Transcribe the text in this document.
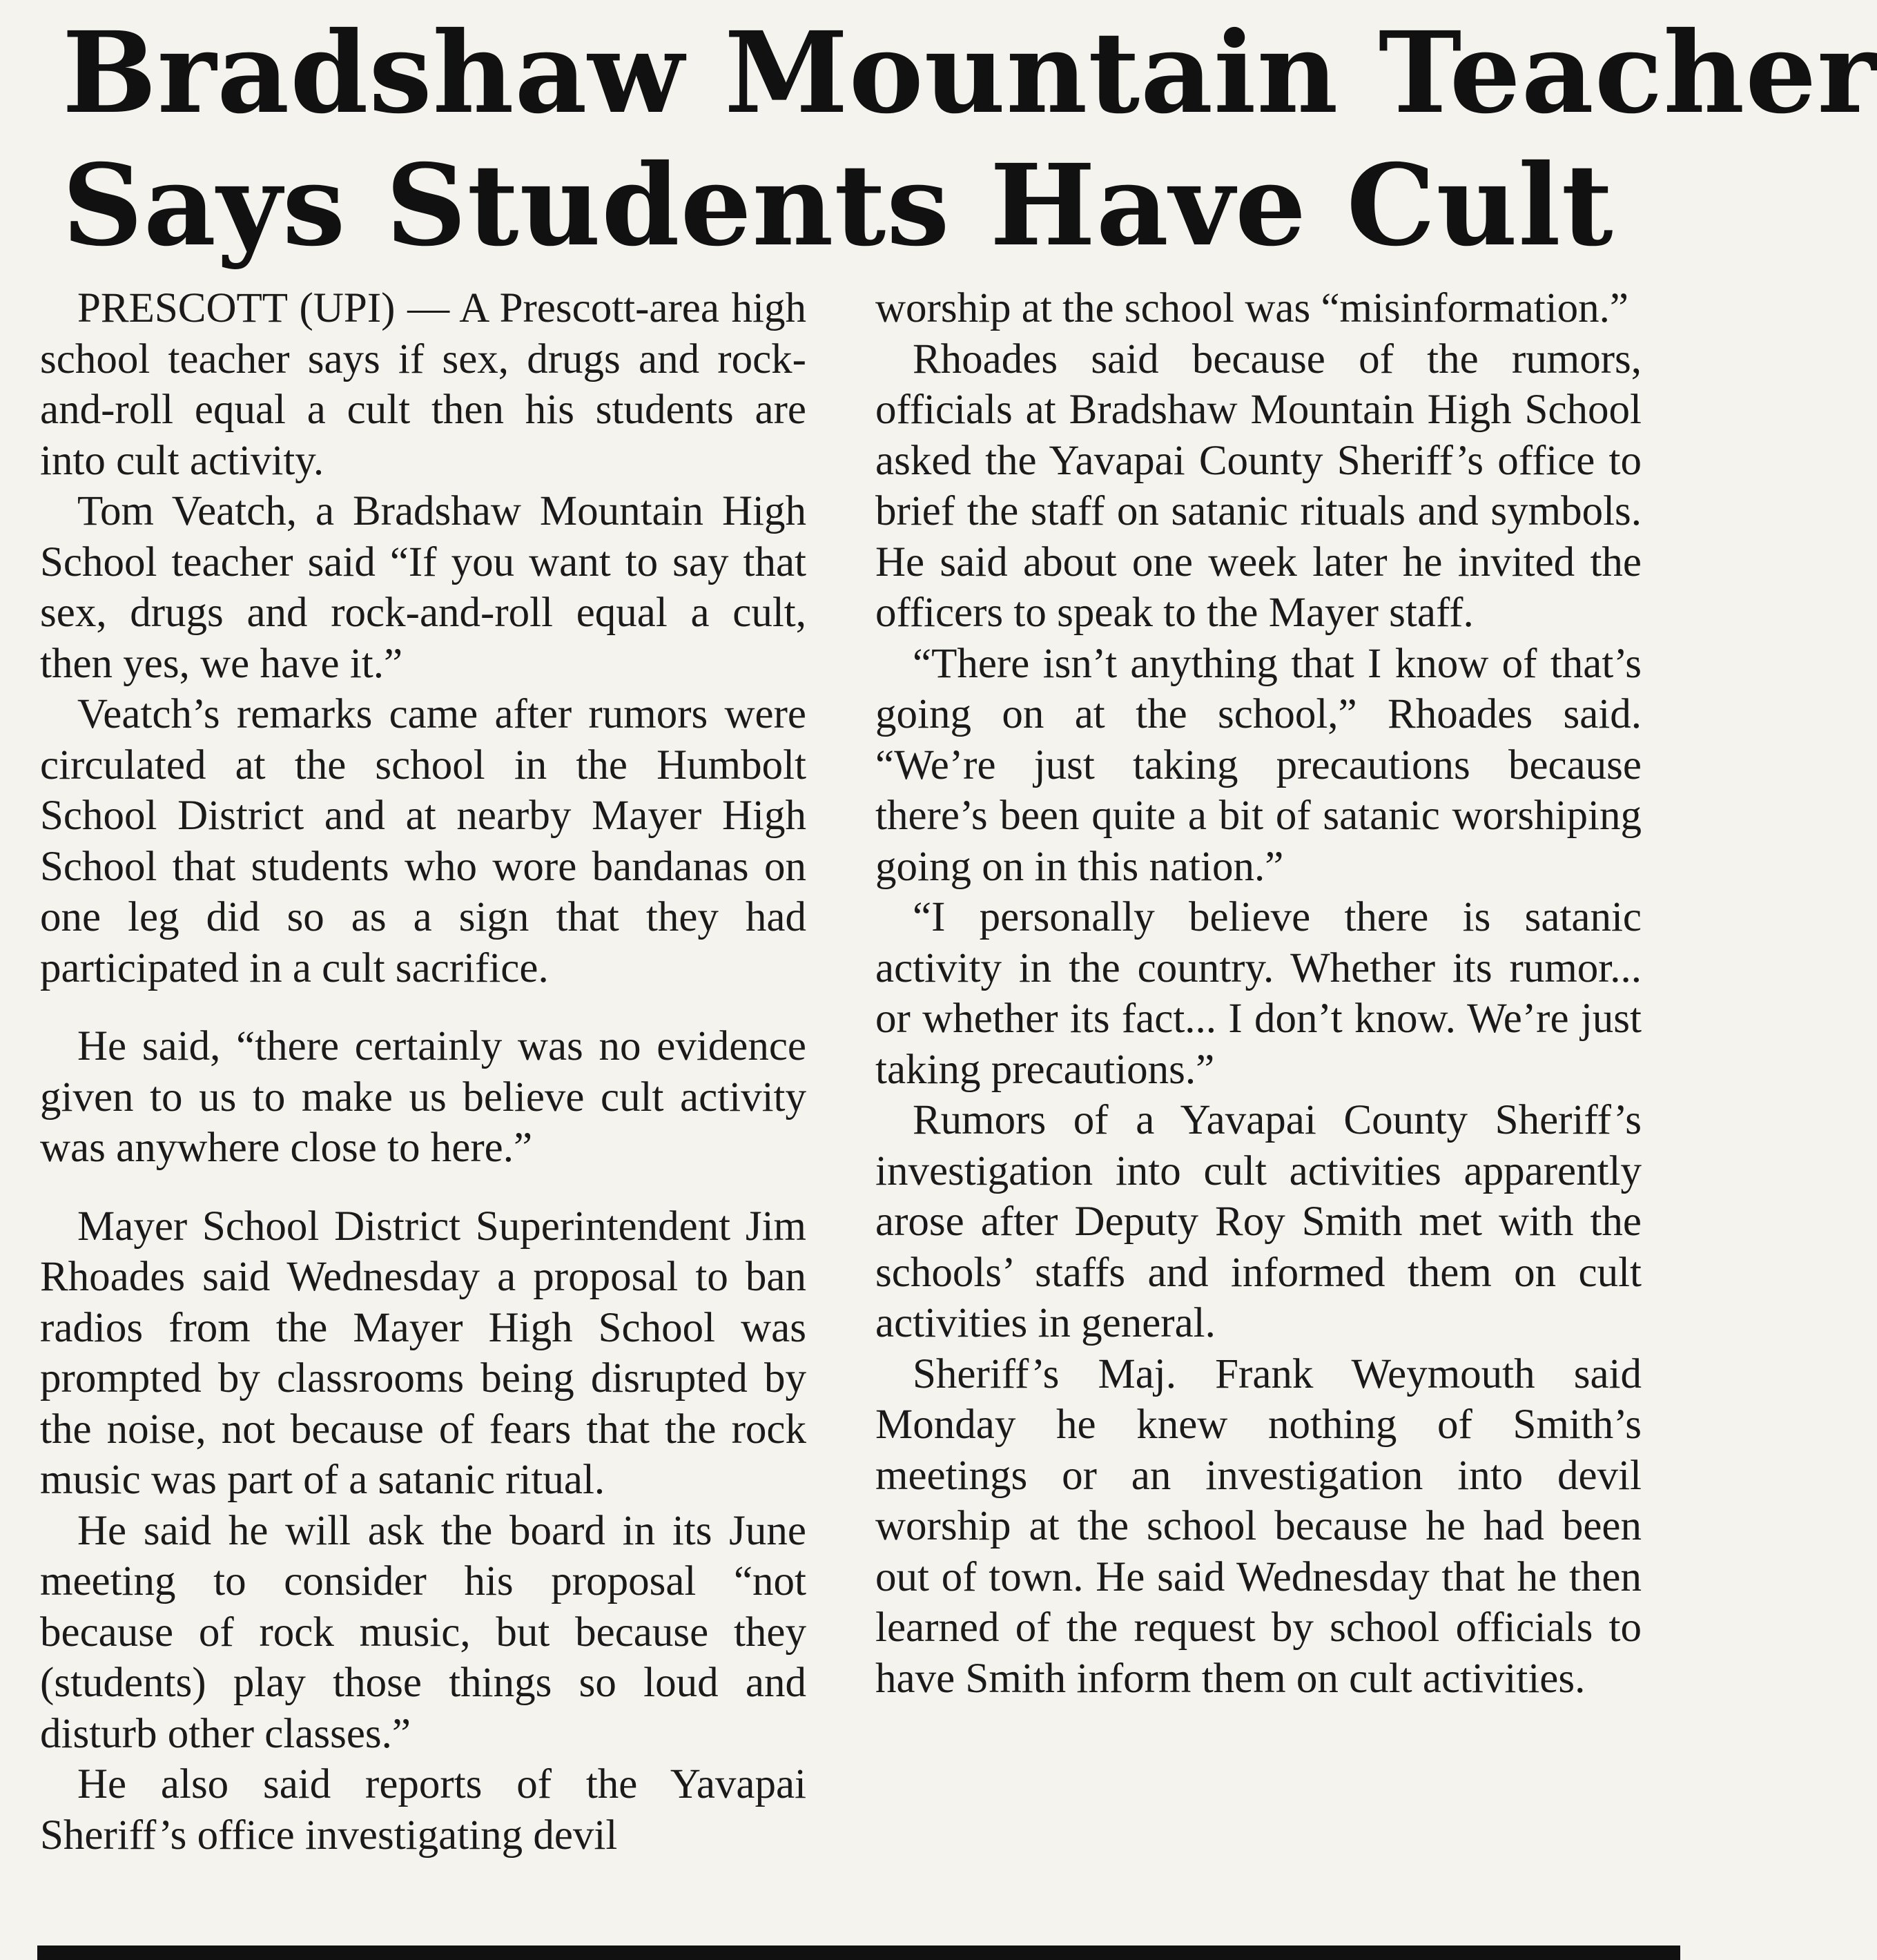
Bradshaw Mountain Teacher
Says Students Have Cult

PRESCOTT (UPI) — A Prescott-area high school teacher says if sex, drugs and rock-and-roll equal a cult then his students are into cult activity.

Tom Veatch, a Bradshaw Mountain High School teacher said “If you want to say that sex, drugs and rock-and-roll equal a cult, then yes, we have it.”

Veatch’s remarks came after rumors were circulated at the school in the Humbolt School District and at nearby Mayer High School that students who wore bandanas on one leg did so as a sign that they had participated in a cult sacrifice.

He said, “there certainly was no evidence given to us to make us believe cult activity was anywhere close to here.”

Mayer School District Superintendent Jim Rhoades said Wednesday a proposal to ban radios from the Mayer High School was prompted by classrooms being disrupted by the noise, not because of fears that the rock music was part of a satanic ritual.

He said he will ask the board in its June meeting to consider his proposal “not because of rock music, but because they (students) play those things so loud and disturb other classes.”

He also said reports of the Yavapai Sheriff’s office investigating devil

worship at the school was “misinformation.”

Rhoades said because of the rumors, officials at Bradshaw Mountain High School asked the Yavapai County Sheriff’s office to brief the staff on satanic rituals and symbols. He said about one week later he invited the officers to speak to the Mayer staff.

“There isn’t anything that I know of that’s going on at the school,” Rhoades said. “We’re just taking precautions because there’s been quite a bit of satanic worshiping going on in this nation.”

“I personally believe there is satanic activity in the country. Whether its rumor... or whether its fact... I don’t know. We’re just taking precautions.”

Rumors of a Yavapai County Sheriff’s investigation into cult activities apparently arose after Deputy Roy Smith met with the schools’ staffs and informed them on cult activities in general.

Sheriff’s Maj. Frank Weymouth said Monday he knew nothing of Smith’s meetings or an investigation into devil worship at the school because he had been out of town. He said Wednesday that he then learned of the request by school officials to have Smith inform them on cult activities.
